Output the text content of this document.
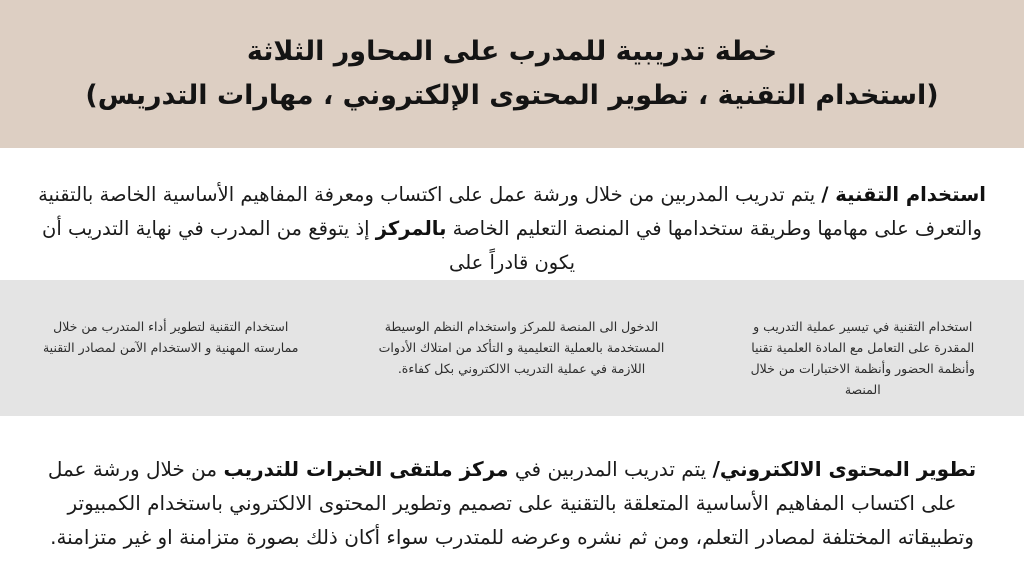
خطة تدريبية للمدرب على المحاور الثلاثة
(استخدام التقنية ، تطوير المحتوى الإلكتروني ، مهارات التدريس)
استخدام التقنية / يتم تدريب المدربين من خلال ورشة عمل على اكتساب ومعرفة المفاهيم الأساسية الخاصة بالتقنية والتعرف على مهامها وطريقة ستخدامها في المنصة التعليم الخاصة بالمركز إذ يتوقع من المدرب في نهاية التدريب أن يكون قادراً على
استخدام التقنية في تيسير عملية التدريب و المقدرة على التعامل مع المادة العلمية تقنيا وأنظمة الحضور وأنظمة الاختبارات من خلال المنصة
الدخول الى المنصة للمركز واستخدام النظم الوسيطة المستخدمة بالعملية التعليمية و التأكد من امتلاك الأدوات اللازمة في عملية التدريب الالكتروني بكل كفاءة.
استخدام التقنية لتطوير أداء المتدرب من خلال ممارسته المهنية و الاستخدام الآمن لمصادر التقنية
تطوير المحتوى الالكتروني/ يتم تدريب المدربين في مركز ملتقى الخبرات للتدريب من خلال ورشة عمل على اكتساب المفاهيم الأساسية المتعلقة بالتقنية على تصميم وتطوير المحتوى الالكتروني باستخدام الكمبيوتر وتطبيقاته المختلفة لمصادر التعلم، ومن ثم نشره وعرضه للمتدرب سواء أكان ذلك بصورة متزامنة او غير متزامنة.
